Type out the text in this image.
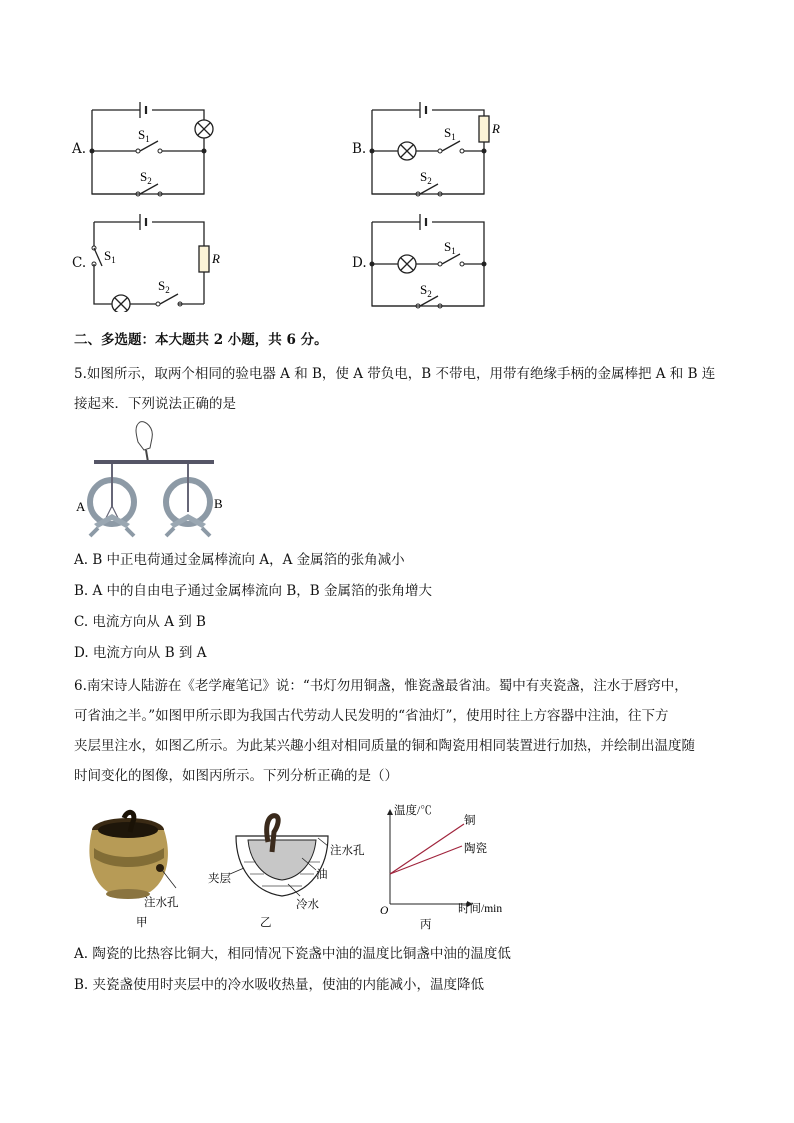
A.
$S_1$
$S_2$
B.
$S_1$
$S_2$
R
C. $S_1$
$S_2$
R	D.
$S_1$
$S_2$
二、多选题：本大题共 2 小题，共 6 分。
5.如图所示，取两个相同的验电器 A 和 B，使 A 带负电，B 不带电，用带有绝缘手柄的金属棒把 A 和 B 连
接起来．下列说法正确的是
A	B
A. B 中正电荷通过金属棒流向 A，A 金属箔的张角减小
B. A 中的自由电子通过金属棒流向 B，B 金属箔的张角增大
C. 电流方向从 A 到 B
D. 电流方向从 B 到 A
6.南宋诗人陆游在《老学庵笔记》说：“书灯勿用铜盏，惟瓷盏最省油。蜀中有夹瓷盏，注水于唇窍中，
可省油之半。”如图甲所示即为我国古代劳动人民发明的“省油灯”，使用时往上方容器中注油，往下方
夹层里注水，如图乙所示。为此某兴趣小组对相同质量的铜和陶瓷用相同装置进行加热，并绘制出温度随
时间变化的图像，如图丙所示。下列分析正确的是（）
注水孔
甲
注水孔
夹层	油
冷水
乙
温度/℃
时间/min
O
铜
陶瓷
丙
A. 陶瓷的比热容比铜大，相同情况下瓷盏中油的温度比铜盏中油的温度低
B. 夹瓷盏使用时夹层中的冷水吸收热量，使油的内能减小，温度降低
